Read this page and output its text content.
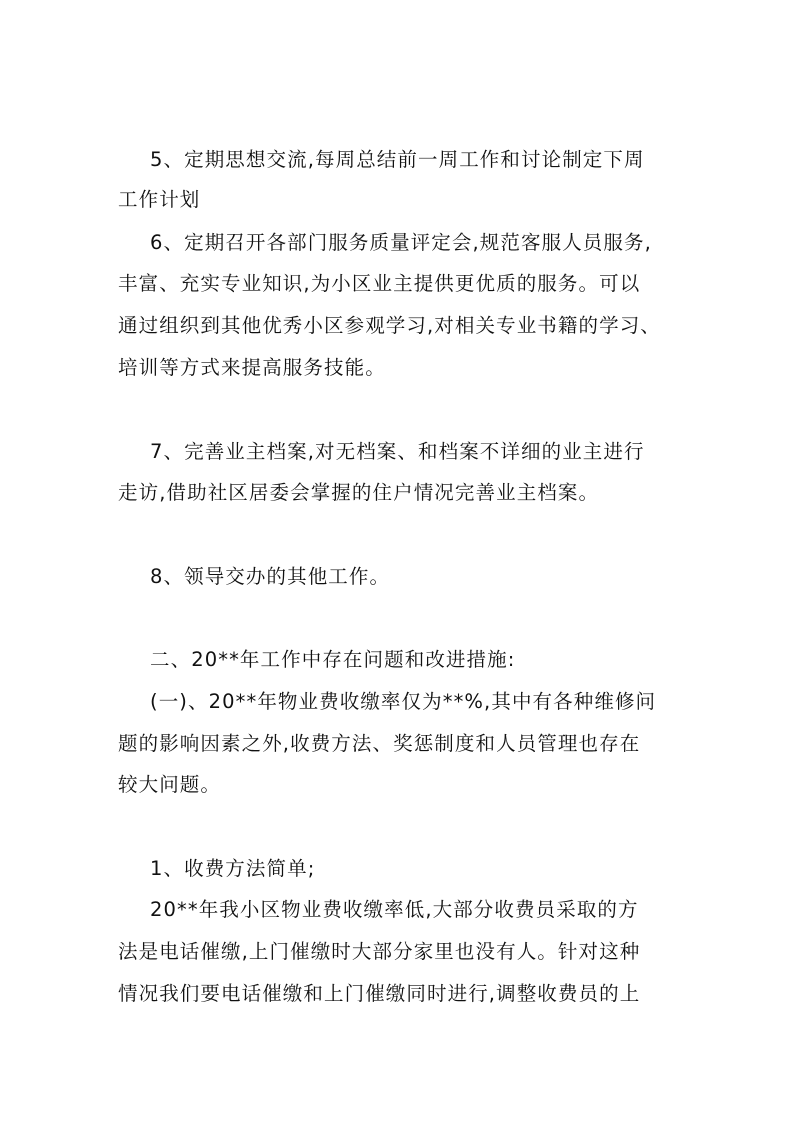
5、定期思想交流,每周总结前一周工作和讨论制定下周
工作计划
6、定期召开各部门服务质量评定会,规范客服人员服务,
丰富、充实专业知识,为小区业主提供更优质的服务。可以
通过组织到其他优秀小区参观学习,对相关专业书籍的学习、
培训等方式来提高服务技能。
7、完善业主档案,对无档案、和档案不详细的业主进行
走访,借助社区居委会掌握的住户情况完善业主档案。
8、领导交办的其他工作。
二、20**年工作中存在问题和改进措施:
(一)、20**年物业费收缴率仅为**%,其中有各种维修问
题的影响因素之外,收费方法、奖惩制度和人员管理也存在
较大问题。
1、收费方法简单;
20**年我小区物业费收缴率低,大部分收费员采取的方
法是电话催缴,上门催缴时大部分家里也没有人。针对这种
情况我们要电话催缴和上门催缴同时进行,调整收费员的上
